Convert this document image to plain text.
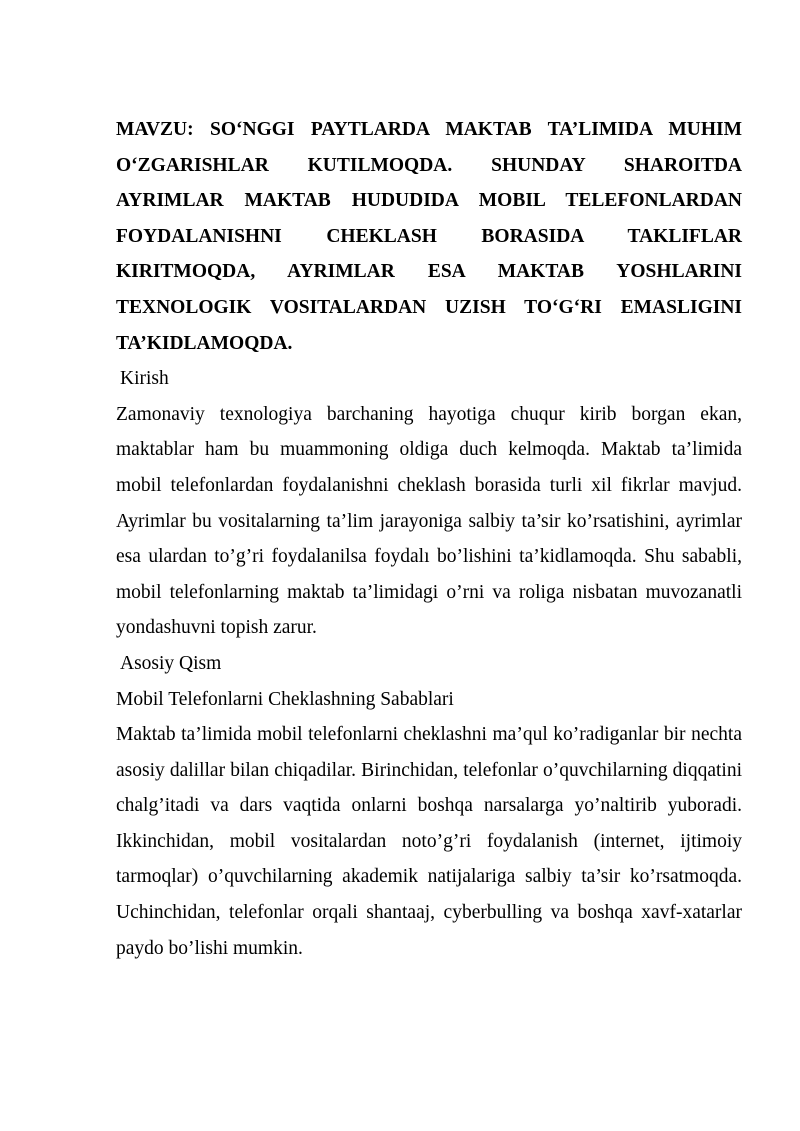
MAVZU: SO‘NGGI PAYTLARDA MAKTAB TA’LIMIDA MUHIM O‘ZGARISHLAR KUTILMOQDA. SHUNDAY SHAROITDA AYRIMLAR MAKTAB HUDUDIDA MOBIL TELEFONLARDAN FOYDALANISHNI CHEKLASH BORASIDA TAKLIFLAR KIRITMOQDA, AYRIMLAR ESA MAKTAB YOSHLARINI TEXNOLOGIK VOSITALARDAN UZISH TO‘G‘RI EMASLIGINI TA’KIDLAMOQDA.
Kirish

Zamonaviy texnologiya barchaning hayotiga chuqur kirib borgan ekan, maktablar ham bu muammoning oldiga duch kelmoqda. Maktab ta’limida mobil telefonlardan foydalanishni cheklash borasida turli xil fikrlar mavjud. Ayrimlar bu vositalarning ta’lim jarayoniga salbiy ta’sir ko’rsatishini, ayrimlar esa ulardan to’g’ri foydalanilsa foydalı bo’lishini ta’kidlamoqda. Shu sababli, mobil telefonlarning maktab ta’limidagi o’rni va roliga nisbatan muvozanatli yondashuvni topish zarur.

Asosiy Qism
Mobil Telefonlarni Cheklashning Sabablari

Maktab ta’limida mobil telefonlarni cheklashni ma’qul ko’radiganlar bir nechta asosiy dalillar bilan chiqadilar. Birinchidan, telefonlar o’quvchilarning diqqatini chalg’itadi va dars vaqtida onlarni boshqa narsalarga yo’naltirib yuboradi. Ikkinchidan, mobil vositalardan noto’g’ri foydalanish (internet, ijtimoiy tarmoqlar) o’quvchilarning akademik natijalariga salbiy ta’sir ko’rsatmoqda. Uchinchidan, telefonlar orqali shantaaj, cyberbulling va boshqa xavf-xatarlar paydo bo’lishi mumkin.
